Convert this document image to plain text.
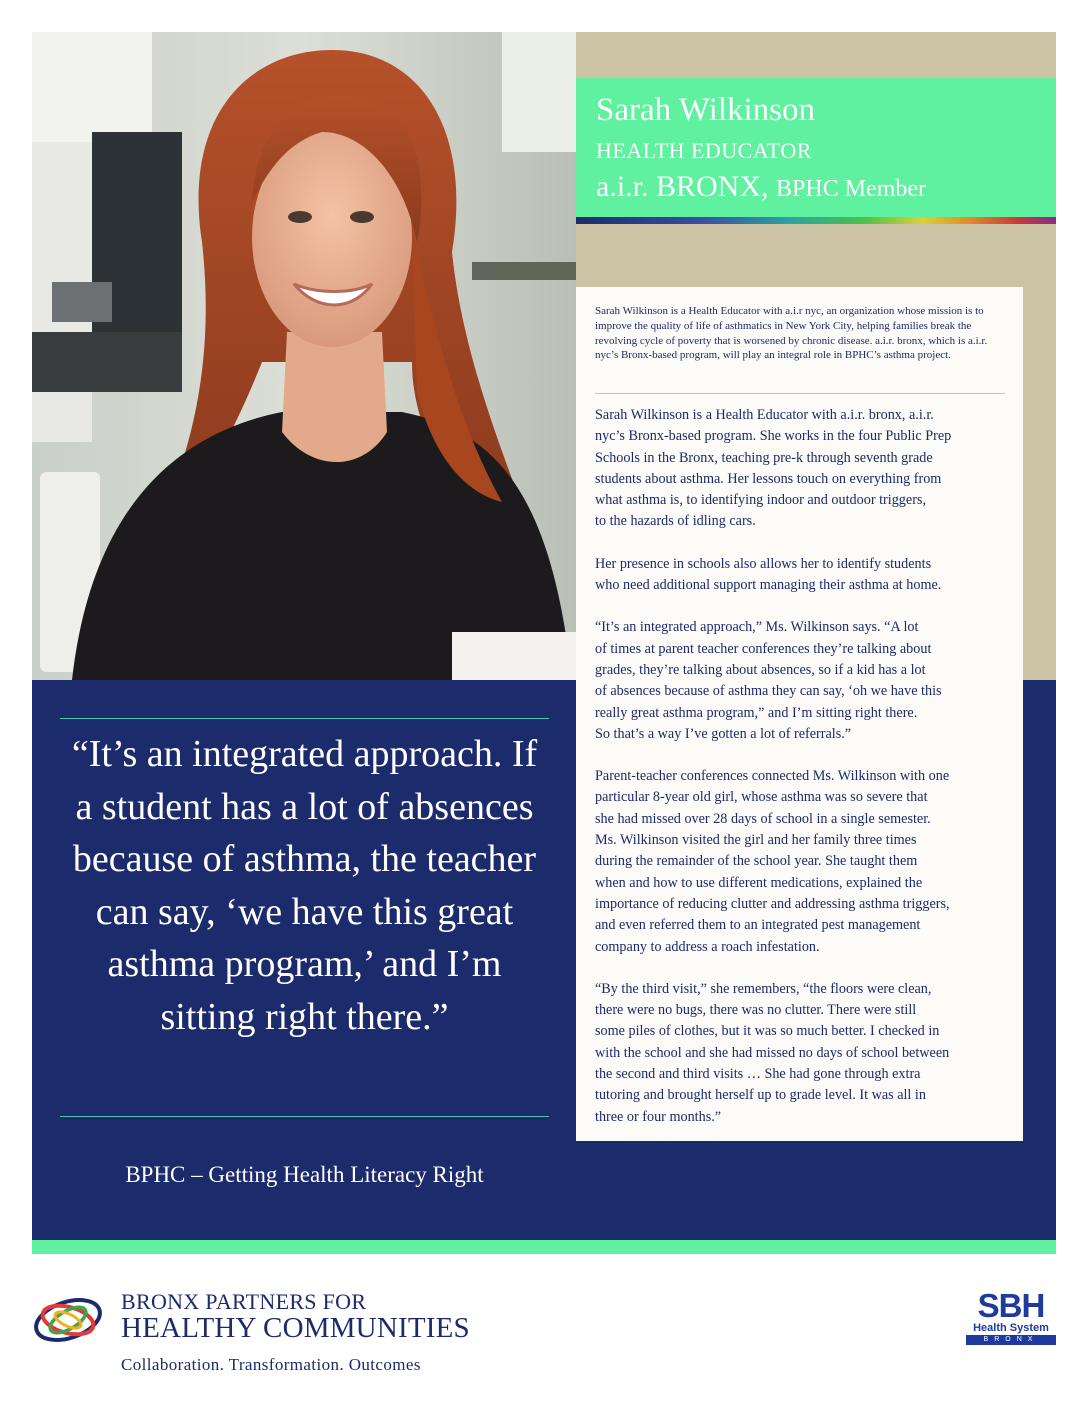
Sarah Wilkinson
HEALTH EDUCATOR
a.i.r. BRONX, BPHC Member
Sarah Wilkinson is a Health Educator with a.i.r nyc, an organization whose mission is to improve the quality of life of asthmatics in New York City, helping families break the revolving cycle of poverty that is worsened by chronic disease. a.i.r. bronx, which is a.i.r. nyc’s Bronx-based program, will play an integral role in BPHC’s asthma project.

Sarah Wilkinson is a Health Educator with a.i.r. bronx, a.i.r.
nyc’s Bronx-based program. She works in the four Public Prep
Schools in the Bronx, teaching pre-k through seventh grade
students about asthma. Her lessons touch on everything from
what asthma is, to identifying indoor and outdoor triggers,
to the hazards of idling cars.

Her presence in schools also allows her to identify students
who need additional support managing their asthma at home.

“It’s an integrated approach,” Ms. Wilkinson says. “A lot
of times at parent teacher conferences they’re talking about
grades, they’re talking about absences, so if a kid has a lot
of absences because of asthma they can say, ‘oh we have this
really great asthma program,” and I’m sitting right there.
So that’s a way I’ve gotten a lot of referrals.”

Parent-teacher conferences connected Ms. Wilkinson with one
particular 8-year old girl, whose asthma was so severe that
she had missed over 28 days of school in a single semester.
Ms. Wilkinson visited the girl and her family three times
during the remainder of the school year. She taught them
when and how to use different medications, explained the
importance of reducing clutter and addressing asthma triggers,
and even referred them to an integrated pest management
company to address a roach infestation.

“By the third visit,” she remembers, “the floors were clean,
there were no bugs, there was no clutter. There were still
some piles of clothes, but it was so much better. I checked in
with the school and she had missed no days of school between
the second and third visits … She had gone through extra
tutoring and brought herself up to grade level. It was all in
three or four months.”

“It’s an integrated approach. If a student has a lot of absences because of asthma, the teacher can say, ‘we have this great asthma program,’ and I’m sitting right there.”
BPHC – Getting Health Literacy Right
BRONX PARTNERS FOR
HEALTHY COMMUNITIES
Collaboration. Transformation. Outcomes
SBH
Health System
BRONX
